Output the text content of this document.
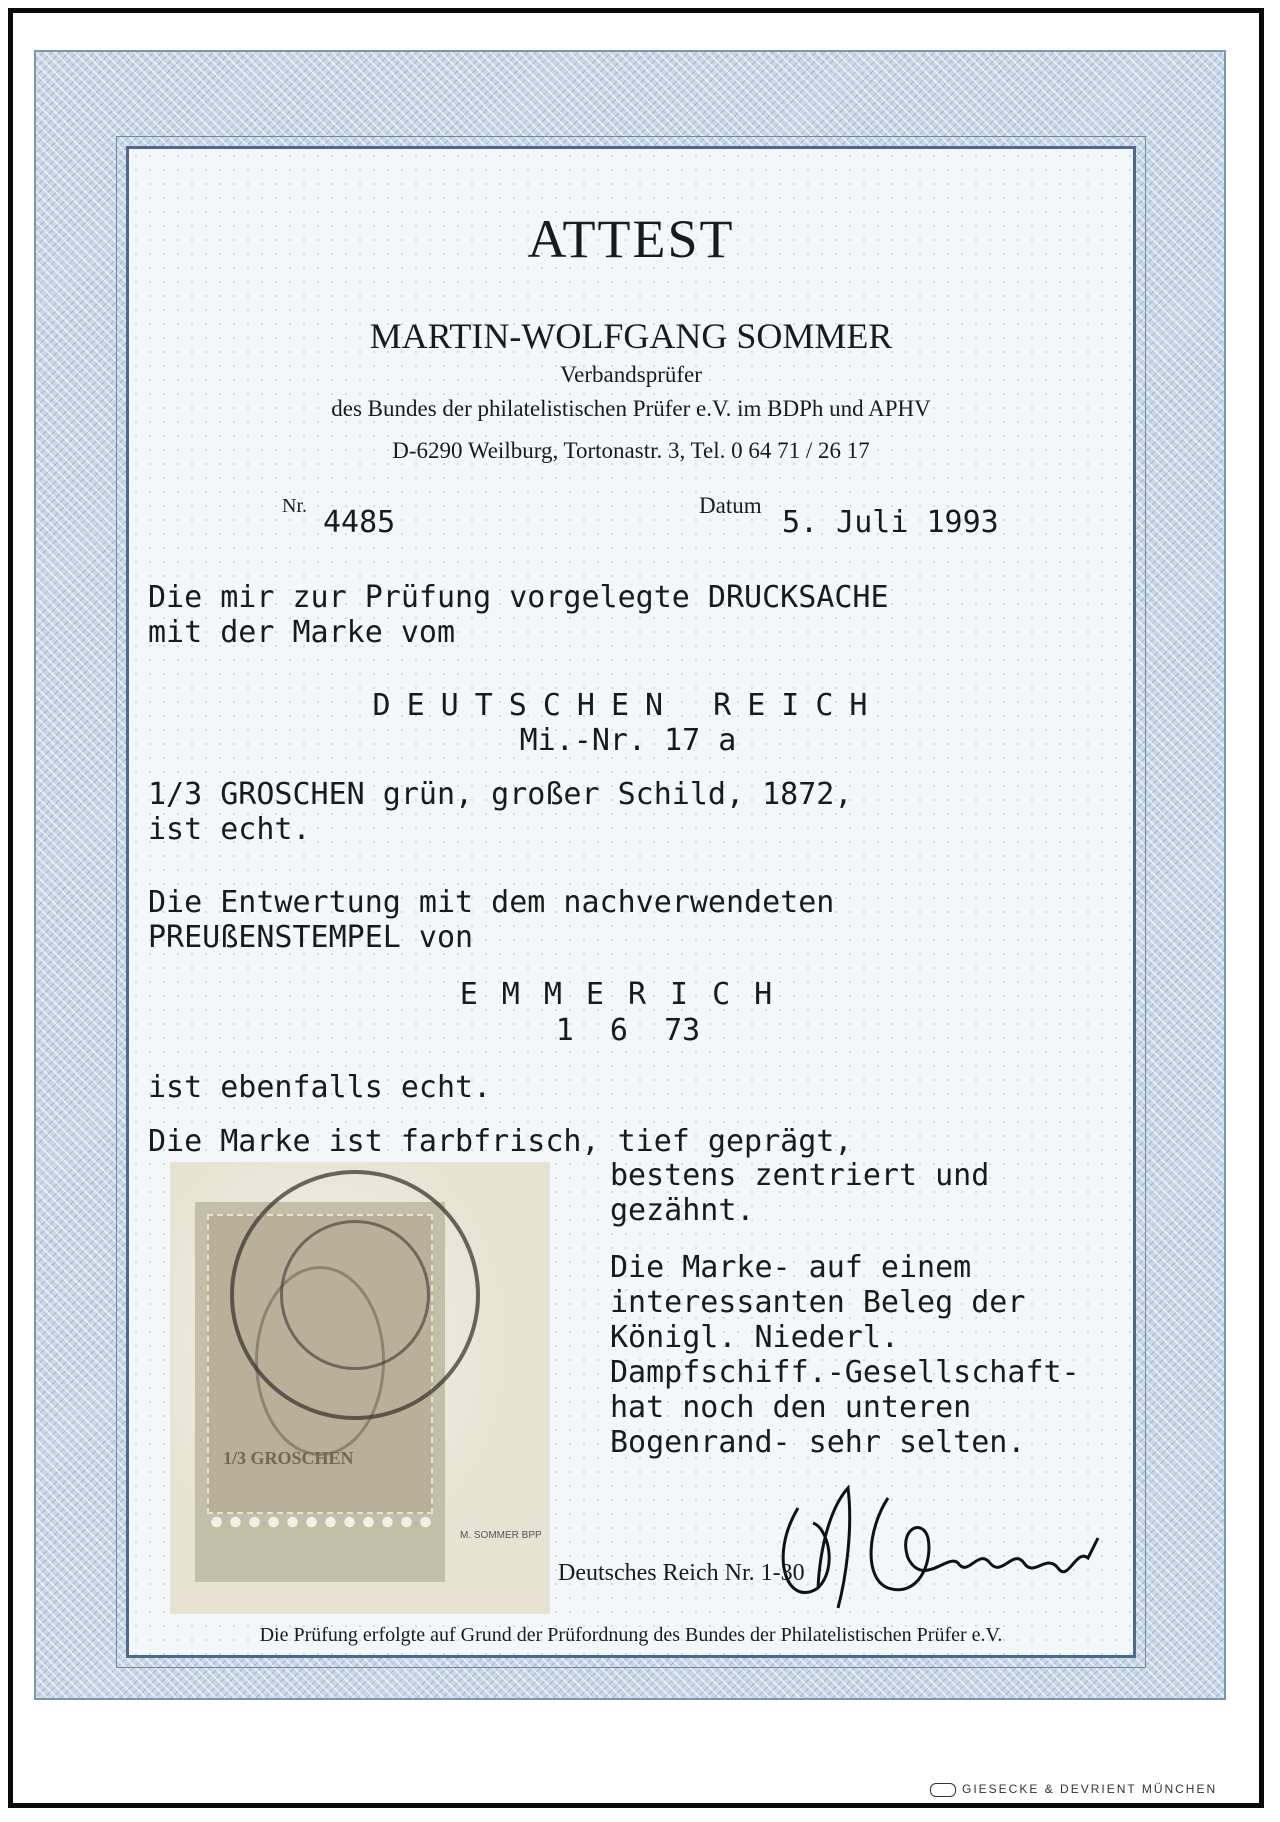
ATTEST
MARTIN-WOLFGANG SOMMER
Verbandsprüfer
des Bundes der philatelistischen Prüfer e.V. im BDPh und APHV
D-6290 Weilburg, Tortonastr. 3, Tel. 0 64 71 / 26 17
Nr. 4485	Datum 5. Juli 1993
Die mir zur Prüfung vorgelegte DRUCKSACHE
mit der Marke vom
DEUTSCHEN REICH
Mi.-Nr. 17 a
1/3 GROSCHEN grün, großer Schild, 1872,
ist echt.
Die Entwertung mit dem nachverwendeten
PREUßENSTEMPEL von
EMMERICH
1  6  73
ist ebenfalls echt.
Die Marke ist farbfrisch, tief geprägt,
bestens zentriert und
gezähnt.
Die Marke- auf einem
interessanten Beleg der
Königl. Niederl.
Dampfschiff.-Gesellschaft-
hat noch den unteren
Bogenrand- sehr selten.
1/3 GROSCHEN
M. SOMMER BPP
Deutsches Reich Nr. 1-30
Die Prüfung erfolgte auf Grund der Prüfordnung des Bundes der Philatelistischen Prüfer e.V.
GIESECKE & DEVRIENT MÜNCHEN
